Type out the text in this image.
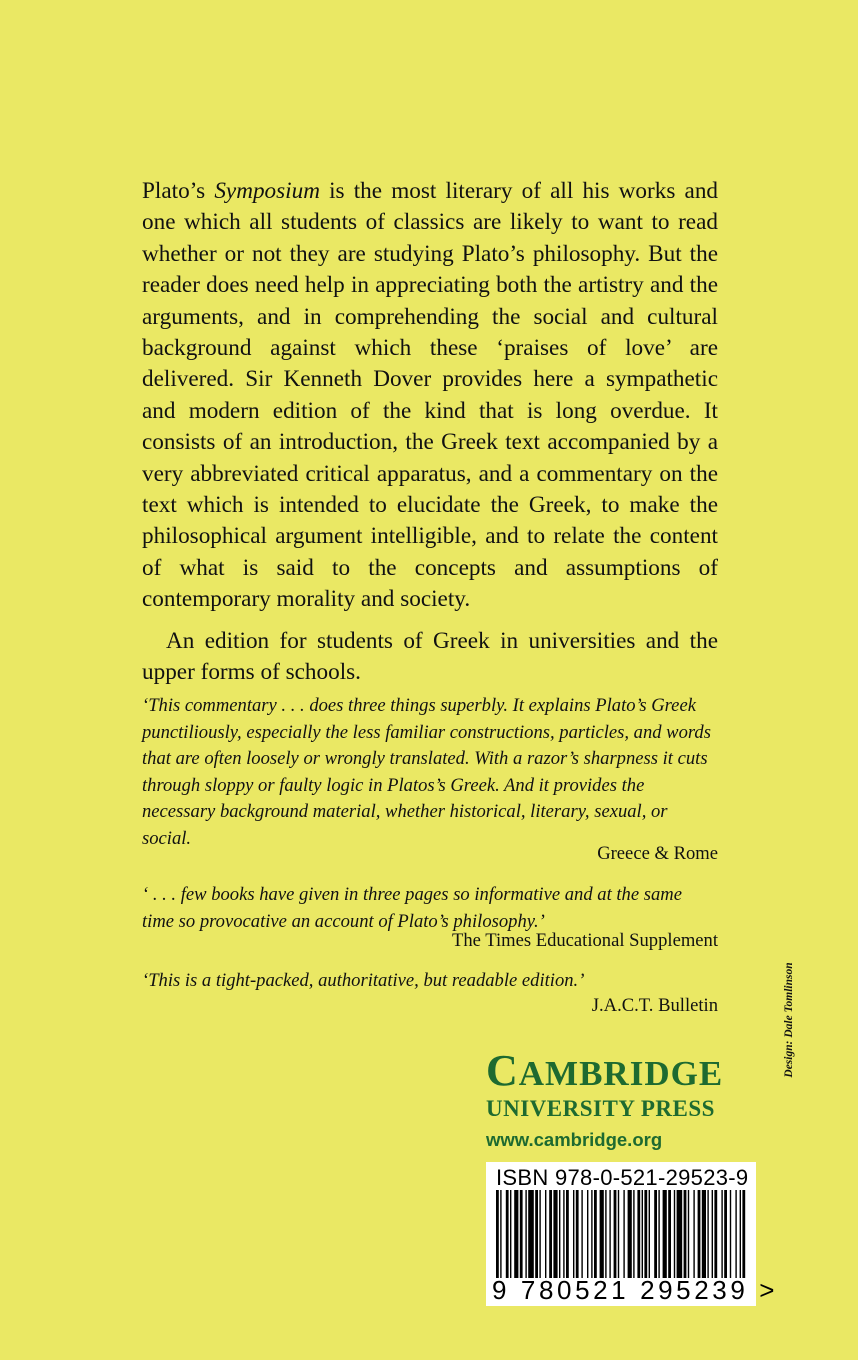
Plato’s Symposium is the most literary of all his works and one which all students of classics are likely to want to read whether or not they are studying Plato’s philosophy. But the reader does need help in appreciating both the artistry and the arguments, and in comprehending the social and cultural background against which these ‘praises of love’ are delivered. Sir Kenneth Dover provides here a sympathetic and modern edition of the kind that is long overdue. It consists of an introduction, the Greek text accompanied by a very abbreviated critical apparatus, and a commentary on the text which is intended to elucidate the Greek, to make the philosophical argument intelligible, and to relate the content of what is said to the concepts and assumptions of contemporary morality and society.

An edition for students of Greek in universities and the upper forms of schools.

‘This commentary . . . does three things superbly. It explains Plato’s Greek punctiliously, especially the less familiar constructions, particles, and words that are often loosely or wrongly translated. With a razor’s sharpness it cuts through sloppy or faulty logic in Platos’s Greek. And it provides the necessary background material, whether historical, literary, sexual, or social.
Greece & Rome
‘ . . . few books have given in three pages so informative and at the same time so provocative an account of Plato’s philosophy.’
The Times Educational Supplement
‘This is a tight-packed, authoritative, but readable edition.’
J.A.C.T. Bulletin	Design: Dale Tomlinson
CAMBRIDGE
UNIVERSITY PRESS
www.cambridge.org
ISBN 978-0-521-29523-9
9 780521 295239 >
